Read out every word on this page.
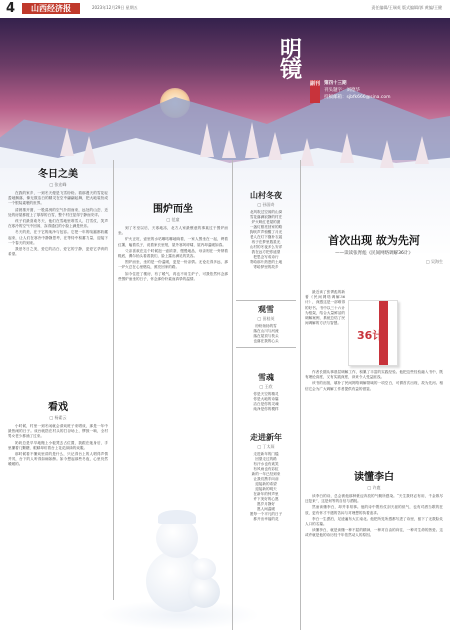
4	山西经济报	2023年12月29日 星期五	责任编辑/王瑞英 版式编辑/郭 黄编/王健
明镜
副刊 第四十三期
刊头题字：刘德华
投稿邮箱：sjbfk666@sina.com
冬日之美
□ 张宏峰

在我的家乡，一到冬天便是飞雪纷纷。看那漫天的雪花轻盈地飘落，像无数洁白的精灵在空中翩翩起舞，把大地装扮成一个银装素裹的世界。

清晨推开窗，一股清冽的空气扑面而来，远处的山峦、近处的房屋都披上了厚厚的白雪，整个村庄显得宁静而安详。

孩子们最喜欢冬天，他们在雪地里堆雪人、打雪仗，笑声在寒冷的空气中回荡，冻得通红的小脸上满是快乐。

冬天的美，在于它的纯净与包容。它把一年的喧嚣都收藏起来，让人们在寒冷中静静思考，在等待中积蓄力量，迎接下一个春天的到来。

我爱冬日之美，爱它的洁白，爱它的宁静，更爱它孕育的希望。

看戏
□ 杨素云

小时候，村里一到冬闲就会请戏班子来唱戏，那是一年中最热闹的日子。戏台就搭在村头的打谷场上，锣鼓一响，全村男女老少都涌了过来。

奶奶总是早早地搬上小板凳去占位置，我跟在她身后，手里攥着几颗糖，眼睛却盯着台上花花绿绿的戏服。

那时候看不懂戏里讲的是什么，只记得台上的人唱得声情并茂，台下的人听得如痴如醉。如今想起那些冬夜，心里仍然暖暖的。

围炉而坐
□ 范童

到了冬至以后，天寒地冻，北方人家最惬意的事莫过于围炉而坐。

炉火正旺，壶里的水咕嘟咕嘟地响着，一家人围坐在一起，烤着红薯，嗑着瓜子，说着家长里短，屋外寒风呼啸，屋内却温暖如春。

父亲喜欢在这个时候泡一壶浓茶，慢慢地品，母亲则在一旁纳着鞋底，偶尔抬头看看我们，脸上露出满足的笑容。

围炉而坐，坐的是一份温暖，更是一份亲情。无论走得多远，那一炉火总在心里燃烧，照亮回家的路。

如今住进了楼房，有了暖气，再也不用生炉子，可我依然怀念那些围炉而坐的日子，怀念那份朴素而真挚的温情。

山村冬夜
□ 孙国奇
北风吹过空荡的山岗
雪花落满寂静的村庄
炉火映红老屋的窗
一盏灯照亮回家的路
狗吠声声惊醒了月光
老人在灯下缝补衣裳
孩子在梦里数星光
山村的冬夜多么安详
我在远方把你遥望
把思念写成诗行
寄给那片熟悉的土地
寄给梦里的故乡
观雪
□ 田桂英
纷纷扬扬的雪
落在山川与河流
落在屋顶与枝头
也落在我的心头
雪魂
□ 王欣
你是天空的精灵
你是大地的诗篇
洁白是你的灵魂
纯净是你的模样
走进新年
□ 丁太琛
走进新年的门槛
回望走过的路
有汗水也有欢笑
有风雨也有彩虹
新的一年已经到来
让我们携手向前
迎接新的希望
迎接新的明天
在新年的钟声里
许下美好的心愿
愿岁月静好
愿人间温暖
愿每一个平凡的日子
都开出幸福的花
首次出现 故为先河
——读读张胥彪《民间网络调解36计》
□ 吴海生

最近读了张胥彪的新著《民间网络调解36计》，深感这是一部难得的好书。书中以三十六计为框架，结合大量鲜活的调解案例，系统总结了民间调解的方法与智慧。

36计

作者长期从事基层调解工作，积累了丰富的实践经验。他把这些经验融入书中，既有理论高度，又有实践深度，读来令人受益匪浅。

该书的出版，填补了民间网络调解领域的一项空白，可谓首次出现，故为先河。相信它会为广大调解工作者提供有益的借鉴。

读懂李白
□ 许鹿

读李白的诗，总会被他那种豪迈奔放的气概所感染。“天生我材必有用，千金散尽还复来”，这是何等的自信与洒脱。

然而读懂李白，却并非易事。他的诗中既有仗剑天涯的侠气，也有对酒当歌的狂放，更有怀才不遇的苦闷与对理想的执着追求。

李白一生漂泊，足迹遍布大江南北。他把所见所感都写进了诗里，留下了无数脍炙人口的名篇。

读懂李白，就是读懂一种不屈的精神，一种对自由的向往，一种对生命的热爱。这或许就是他的诗历经千年依然动人的原因。
